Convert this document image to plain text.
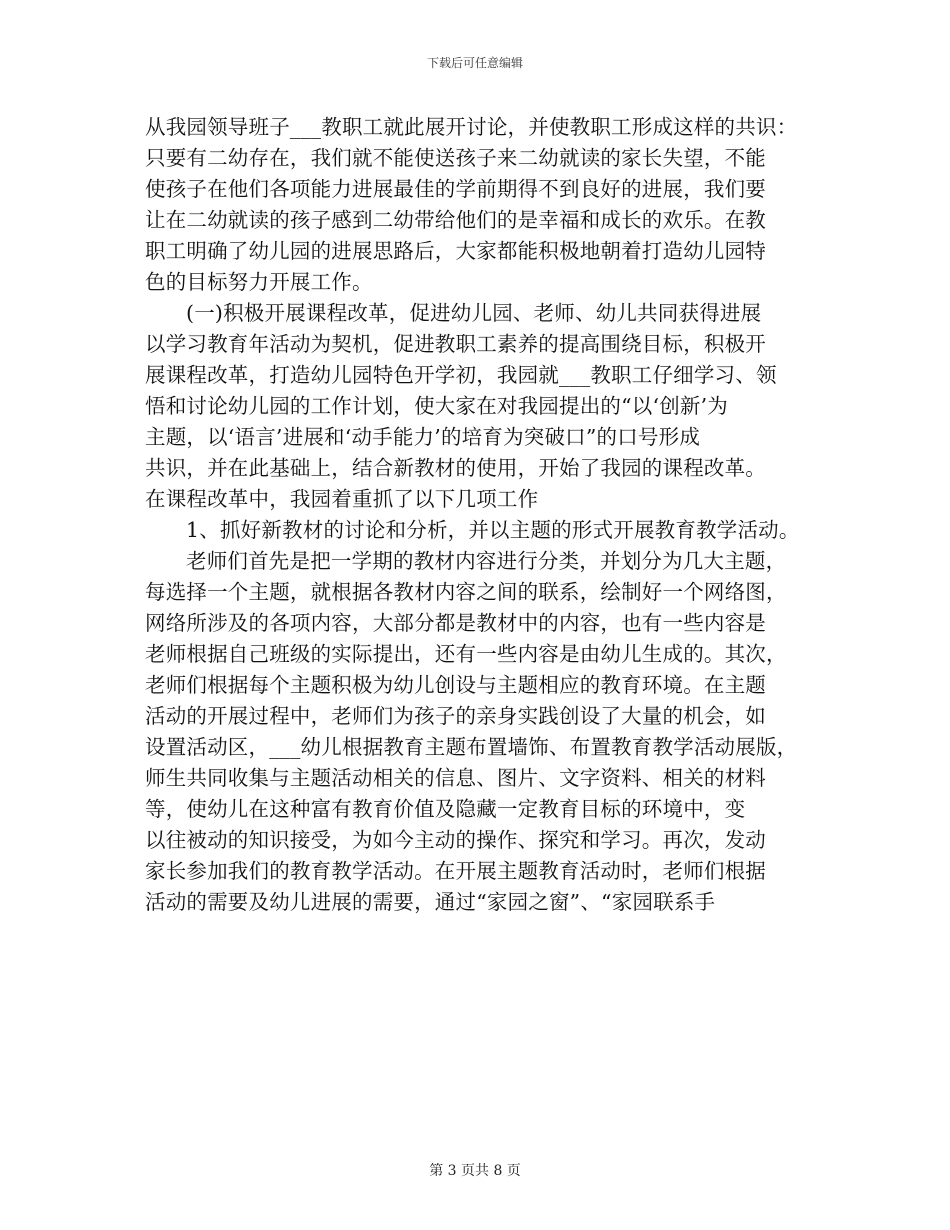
下载后可任意编辑
从我园领导班子___教职工就此展开讨论，并使教职工形成这样的共识：
只要有二幼存在，我们就不能使送孩子来二幼就读的家长失望，不能
使孩子在他们各项能力进展最佳的学前期得不到良好的进展，我们要
让在二幼就读的孩子感到二幼带给他们的是幸福和成长的欢乐。在教
职工明确了幼儿园的进展思路后，大家都能积极地朝着打造幼儿园特
色的目标努力开展工作。
(一)积极开展课程改革，促进幼儿园、老师、幼儿共同获得进展
以学习教育年活动为契机，促进教职工素养的提高围绕目标，积极开
展课程改革，打造幼儿园特色开学初，我园就___教职工仔细学习、领
悟和讨论幼儿园的工作计划，使大家在对我园提出的“以‘创新’为
主题，以‘语言’进展和‘动手能力’的培育为突破口”的口号形成
共识，并在此基础上，结合新教材的使用，开始了我园的课程改革。
在课程改革中，我园着重抓了以下几项工作
1、抓好新教材的讨论和分析，并以主题的形式开展教育教学活动。
老师们首先是把一学期的教材内容进行分类，并划分为几大主题，
每选择一个主题，就根据各教材内容之间的联系，绘制好一个网络图，
网络所涉及的各项内容，大部分都是教材中的内容，也有一些内容是
老师根据自己班级的实际提出，还有一些内容是由幼儿生成的。其次，
老师们根据每个主题积极为幼儿创设与主题相应的教育环境。在主题
活动的开展过程中，老师们为孩子的亲身实践创设了大量的机会，如
设置活动区，___幼儿根据教育主题布置墙饰、布置教育教学活动展版，
师生共同收集与主题活动相关的信息、图片、文字资料、相关的材料
等，使幼儿在这种富有教育价值及隐藏一定教育目标的环境中，变
以往被动的知识接受，为如今主动的操作、探究和学习。再次，发动
家长参加我们的教育教学活动。在开展主题教育活动时，老师们根据
活动的需要及幼儿进展的需要，通过“家园之窗”、“家园联系手
第 3 页共 8 页
